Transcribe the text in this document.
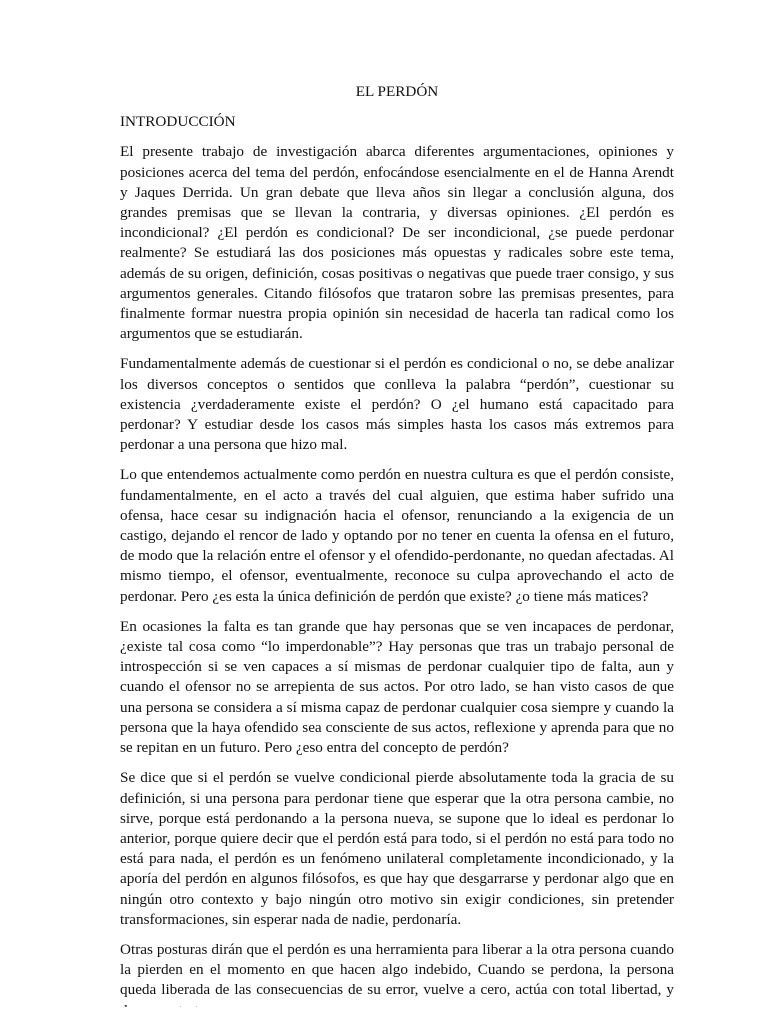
EL PERDÓN
INTRODUCCIÓN

El presente trabajo de investigación abarca diferentes argumentaciones, opiniones y posiciones acerca del tema del perdón, enfocándose esencialmente en el de Hanna Arendt y Jaques Derrida. Un gran debate que lleva años sin llegar a conclusión alguna, dos grandes premisas que se llevan la contraria, y diversas opiniones. ¿El perdón es incondicional? ¿El perdón es condicional? De ser incondicional, ¿se puede perdonar realmente? Se estudiará las dos posiciones más opuestas y radicales sobre este tema, además de su origen, definición, cosas positivas o negativas que puede traer consigo, y sus argumentos generales. Citando filósofos que trataron sobre las premisas presentes, para finalmente formar nuestra propia opinión sin necesidad de hacerla tan radical como los argumentos que se estudiarán.

Fundamentalmente además de cuestionar si el perdón es condicional o no, se debe analizar los diversos conceptos o sentidos que conlleva la palabra “perdón”, cuestionar su existencia ¿verdaderamente existe el perdón? O ¿el humano está capacitado para perdonar? Y estudiar desde los casos más simples hasta los casos más extremos para perdonar a una persona que hizo mal.

Lo que entendemos actualmente como perdón en nuestra cultura es que el perdón consiste, fundamentalmente, en el acto a través del cual alguien, que estima haber sufrido una ofensa, hace cesar su indignación hacia el ofensor, renunciando a la exigencia de un castigo, dejando el rencor de lado y optando por no tener en cuenta la ofensa en el futuro, de modo que la relación entre el ofensor y el ofendido-perdonante, no quedan afectadas. Al mismo tiempo, el ofensor, eventualmente, reconoce su culpa aprovechando el acto de perdonar. Pero ¿es esta la única definición de perdón que existe? ¿o tiene más matices?

En ocasiones la falta es tan grande que hay personas que se ven incapaces de perdonar, ¿existe tal cosa como “lo imperdonable”? Hay personas que tras un trabajo personal de introspección si se ven capaces a sí mismas de perdonar cualquier tipo de falta, aun y cuando el ofensor no se arrepienta de sus actos. Por otro lado, se han visto casos de que una persona se considera a sí misma capaz de perdonar cualquier cosa siempre y cuando la persona que la haya ofendido sea consciente de sus actos, reflexione y aprenda para que no se repitan en un futuro. Pero ¿eso entra del concepto de perdón?

Se dice que si el perdón se vuelve condicional pierde absolutamente toda la gracia de su definición, si una persona para perdonar tiene que esperar que la otra persona cambie, no sirve, porque está perdonando a la persona nueva, se supone que lo ideal es perdonar lo anterior, porque quiere decir que el perdón está para todo, si el perdón no está para todo no está para nada, el perdón es un fenómeno unilateral completamente incondicionado, y la aporía del perdón en algunos filósofos, es que hay que desgarrarse y perdonar algo que en ningún otro contexto y bajo ningún otro motivo sin exigir condiciones, sin pretender transformaciones, sin esperar nada de nadie, perdonaría.

Otras posturas dirán que el perdón es una herramienta para liberar a la otra persona cuando la pierden en el momento en que hacen algo indebido, Cuando se perdona, la persona queda liberada de las consecuencias de su error, vuelve a cero, actúa con total libertad, y
